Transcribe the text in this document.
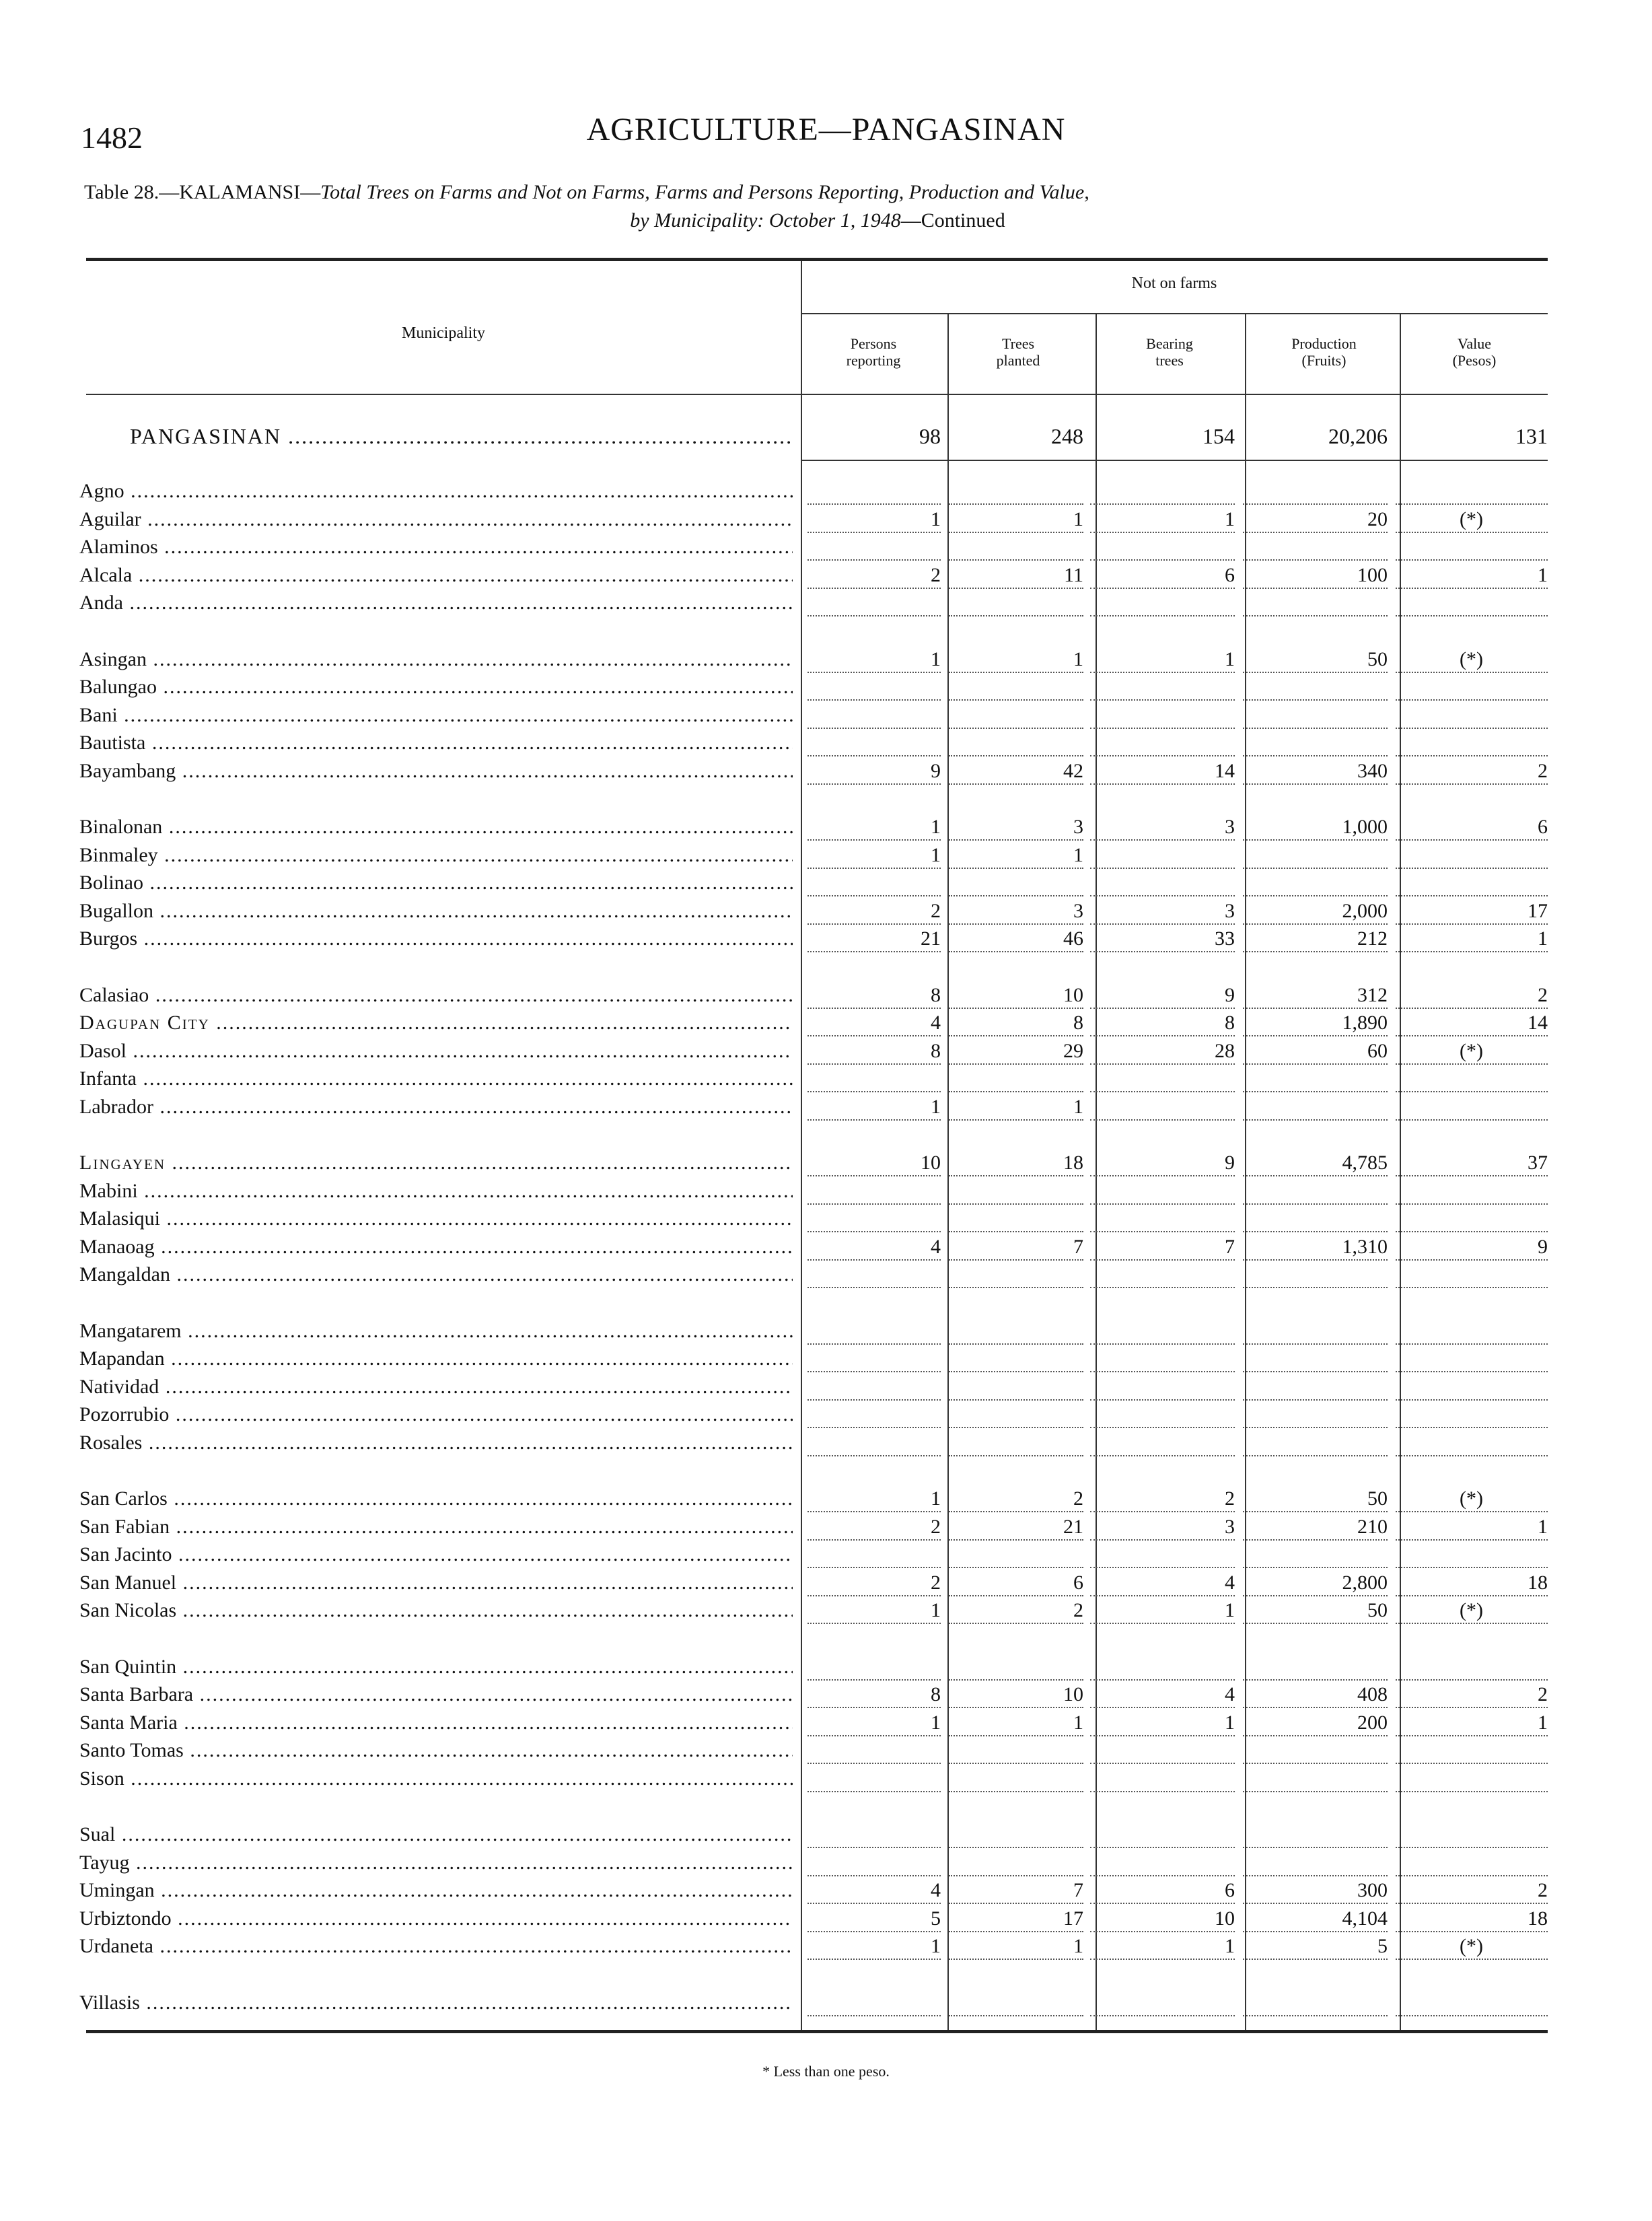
1482	AGRICULTURE—PANGASINAN
Table 28.—KALAMANSI—Total Trees on Farms and Not on Farms, Farms and Persons Reporting, Production and Value,
by Municipality: October 1, 1948—Continued
Not on farms
Municipality
Persons
reporting
Trees
planted
Bearing
trees
Production
(Fruits)
Value
(Pesos)
PANGASINAN .....	98	248	154	20,206	131
Agno .....
Aguilar .....	1	1	1	20	(*)
Alaminos .....
Alcala .....	2	11	6	100	1
Anda .....
Asingan .....	1	1	1	50	(*)
Balungao .....
Bani .....
Bautista .....
Bayambang .....	9	42	14	340	2
Binalonan .....	1	3	3	1,000	6
Binmaley .....	1	1
Bolinao .....
Bugallon .....	2	3	3	2,000	17
Burgos .....	21	46	33	212	1
Calasiao .....	8	10	9	312	2
Dagupan City .....	4	8	8	1,890	14
Dasol .....	8	29	28	60	(*)
Infanta .....
Labrador .....	1	1
Lingayen .....	10	18	9	4,785	37
Mabini .....
Malasiqui .....
Manaoag .....	4	7	7	1,310	9
Mangaldan .....
Mangatarem .....
Mapandan .....
Natividad .....
Pozorrubio .....
Rosales .....
San Carlos .....	1	2	2	50	(*)
San Fabian .....	2	21	3	210	1
San Jacinto .....
San Manuel .....	2	6	4	2,800	18
San Nicolas .....	1	2	1	50	(*)
San Quintin .....
Santa Barbara .....	8	10	4	408	2
Santa Maria .....	1	1	1	200	1
Santo Tomas .....
Sison .....
Sual .....
Tayug .....
Umingan .....	4	7	6	300	2
Urbiztondo .....	5	17	10	4,104	18
Urdaneta .....	1	1	1	5	(*)
Villasis .....
* Less than one peso.
